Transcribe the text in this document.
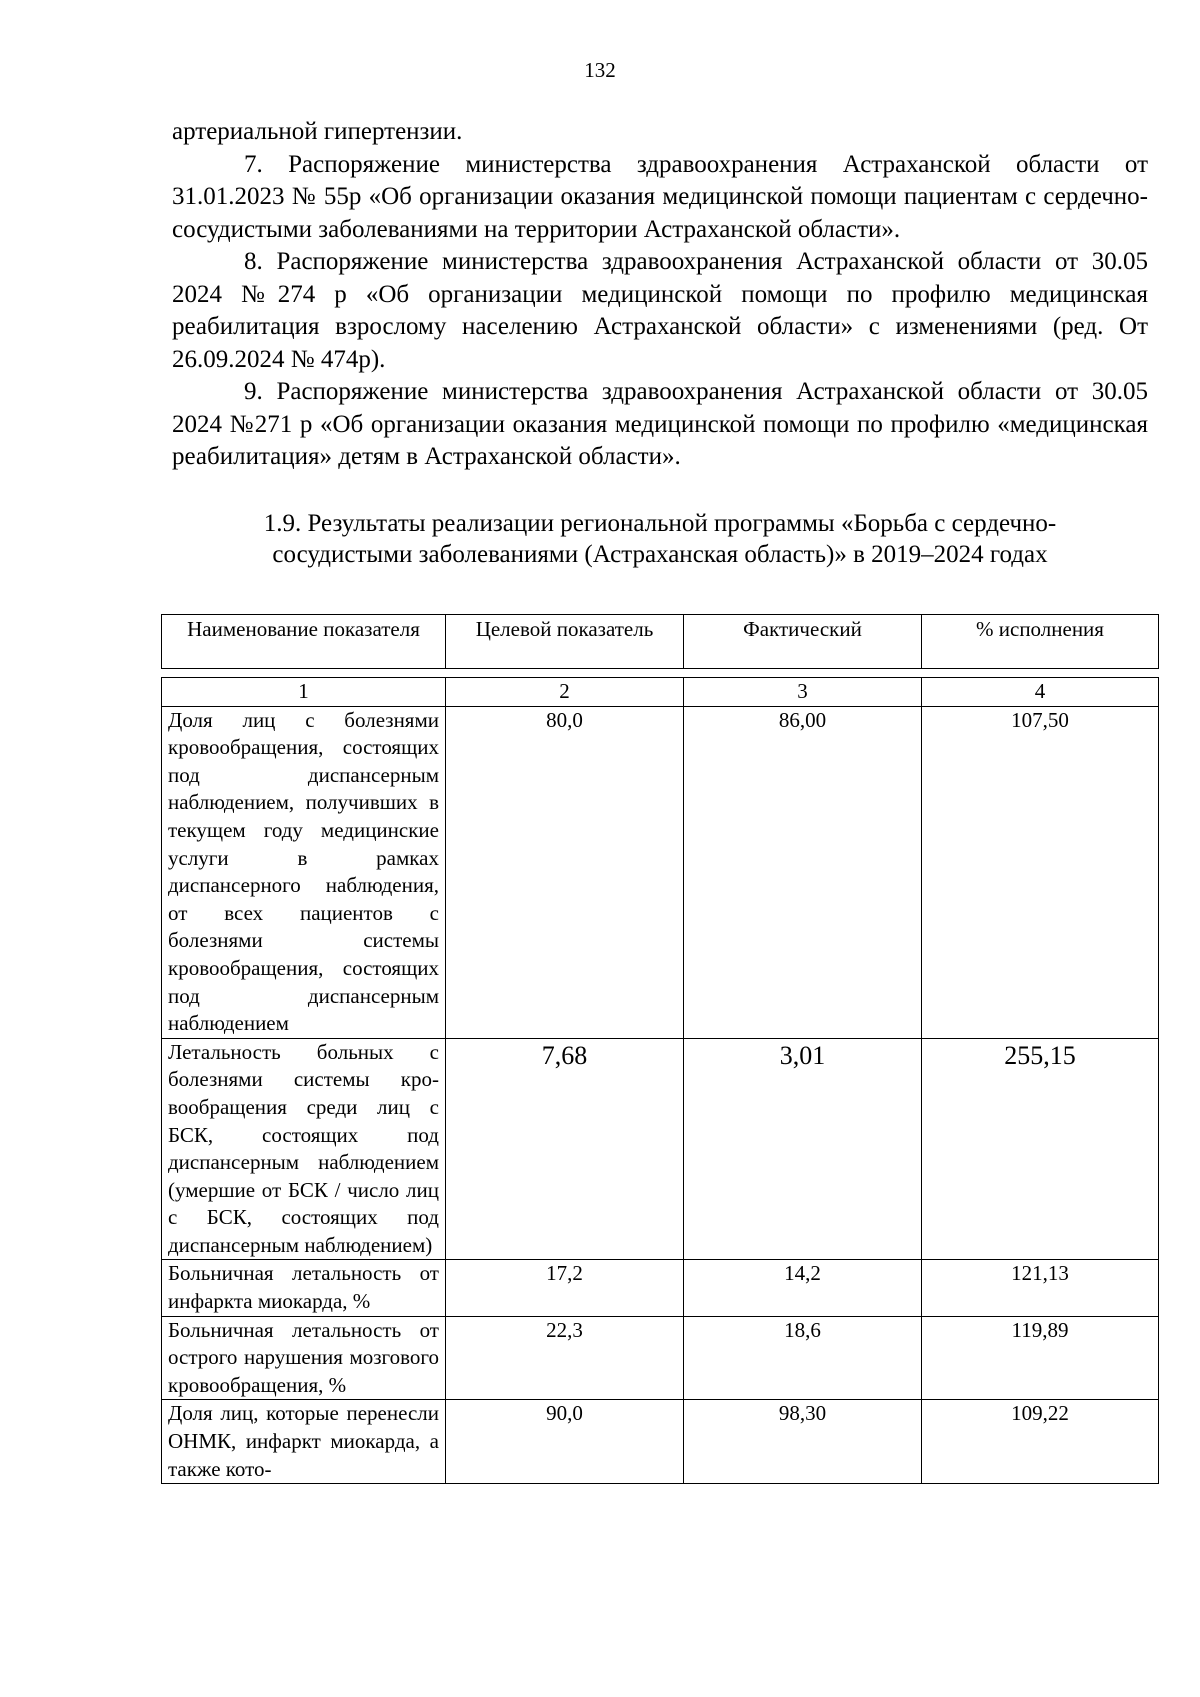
132

артериальной гипертензии.

7. Распоряжение министерства здравоохранения Астраханской области от 31.01.2023 № 55р «Об организации оказания медицинской помощи пациентам с сердечно-сосудистыми заболеваниями на территории Астраханской области».

8. Распоряжение министерства здравоохранения Астраханской области от 30.05 2024 №274 р «Об организации медицинской помощи по профилю медицинская реабилитация взрослому населению Астраханской области» с изменениями (ред. От 26.09.2024 № 474р).

9. Распоряжение министерства здравоохранения Астраханской области от 30.05 2024 №271 р «Об организации оказания медицинской помощи по профилю «медицинская реабилитация» детям в Астраханской области».

1.9. Результаты реализации региональной программы «Борьба с сердечно-
сосудистыми заболеваниями (Астраханская область)» в 2019–2024 годах
Наименование показателя	Целевой показатель	Фактический	% исполнения
1	2	3	4
Доля лиц с болезнями кровообращения, состоящих под диспансерным наблюдением, получивших в текущем году медицинские услуги в рамках диспансерного наблюдения, от всех пациентов с болезнями системы кровообращения, состоящих под диспансерным наблюдением	80,0	86,00	107,50
Летальность больных с болезнями системы кровообращения среди лиц с БСК, состоящих под диспансерным наблюдением (умершие от БСК / число лиц с БСК, состоящих под диспансерным наблюдением)	7,68	3,01	255,15
Больничная летальность от инфаркта миокарда, %	17,2	14,2	121,13
Больничная летальность от острого нарушения мозгового кровообращения, %	22,3	18,6	119,89
Доля лиц, которые перенесли ОНМК, инфаркт миокарда, а также кото-	90,0	98,30	109,22
